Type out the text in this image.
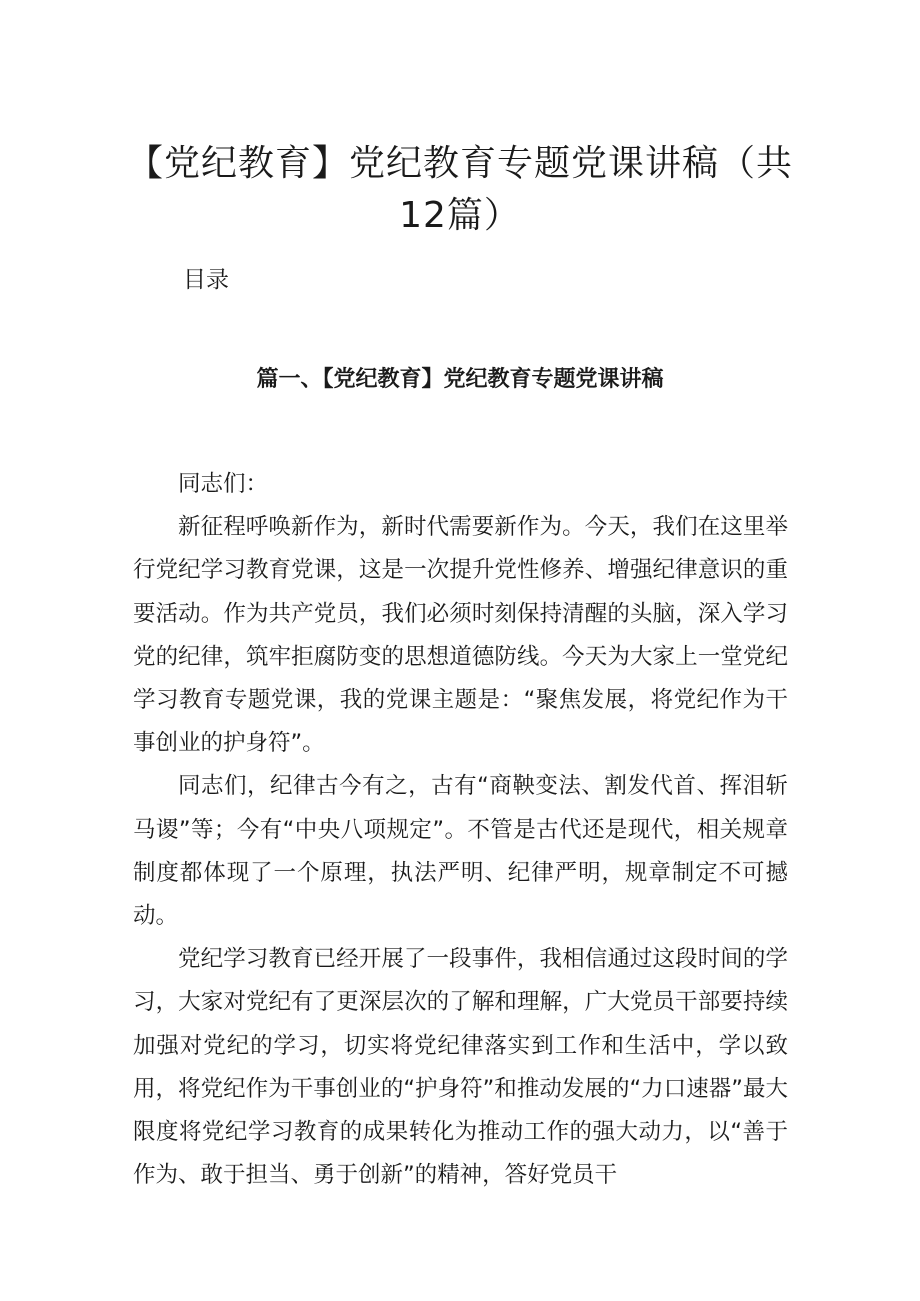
【党纪教育】党纪教育专题党课讲稿（共12篇）
目录
篇一、【党纪教育】党纪教育专题党课讲稿

同志们：

新征程呼唤新作为，新时代需要新作为。今天，我们在这里举行党纪学习教育党课，这是一次提升党性修养、增强纪律意识的重要活动。作为共产党员，我们必须时刻保持清醒的头脑，深入学习党的纪律，筑牢拒腐防变的思想道德防线。今天为大家上一堂党纪学习教育专题党课，我的党课主题是：“聚焦发展，将党纪作为干事创业的护身符”。

同志们，纪律古今有之，古有“商鞅变法、割发代首、挥泪斩马谡”等；今有“中央八项规定”。不管是古代还是现代，相关规章制度都体现了一个原理，执法严明、纪律严明，规章制定不可撼动。

党纪学习教育已经开展了一段事件，我相信通过这段时间的学习，大家对党纪有了更深层次的了解和理解，广大党员干部要持续加强对党纪的学习，切实将党纪律落实到工作和生活中，学以致用，将党纪作为干事创业的“护身符”和推动发展的“力口速器”最大限度将党纪学习教育的成果转化为推动工作的强大动力，以“善于作为、敢于担当、勇于创新”的精神，答好党员干
